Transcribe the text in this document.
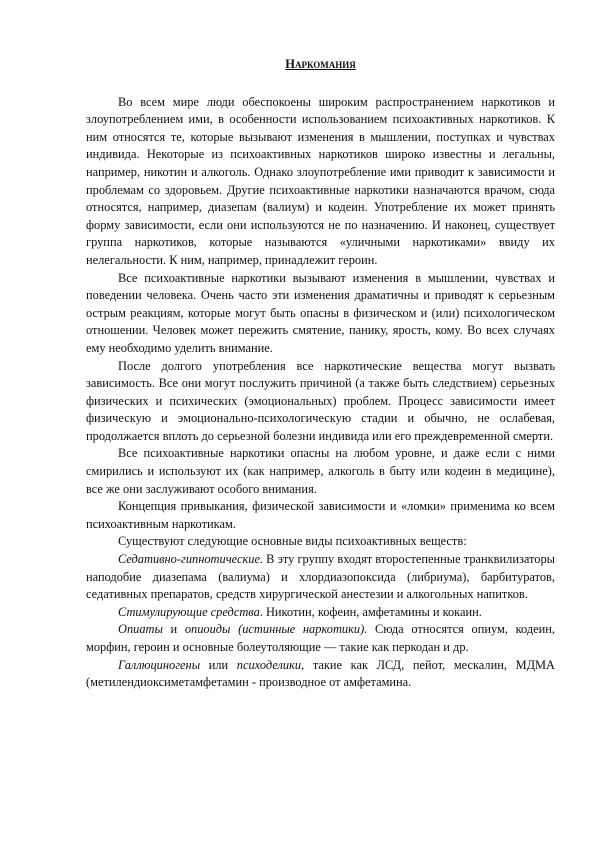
Наркомания

Во всем мире люди обеспокоены широким распространением наркотиков и злоупотреблением ими, в особенности использованием психоактивных наркотиков. К ним относятся те, которые вызывают изменения в мышлении, поступках и чувствах индивида. Некоторые из психоактивных наркотиков широко известны и легальны, например, никотин и алкоголь. Однако злоупотребление ими приводит к зависимости и проблемам со здоровьем. Другие психоактивные наркотики назначаются врачом, сюда относятся, например, диазепам (валиум) и кодеин. Употребление их может принять форму зависимости, если они используются не по назначению. И наконец, существует группа наркотиков, которые называются «уличными наркотиками» ввиду их нелегальности. К ним, например, принадлежит героин.

Все психоактивные наркотики вызывают изменения в мышлении, чувствах и поведении человека. Очень часто эти изменения драматичны и приводят к серьезным острым реакциям, которые могут быть опасны в физическом и (или) психологическом отношении. Человек может пережить смятение, панику, ярость, кому. Во всех случаях ему необходимо уделить внимание.

После долгого употребления все наркотические вещества могут вызвать зависимость. Все они могут послужить причиной (а также быть следствием) серьезных физических и психических (эмоциональных) проблем. Процесс зависимости имеет физическую и эмоционально-психологическую стадии и обычно, не ослабевая, продолжается вплоть до серьезной болезни индивида или его преждевременной смерти.

Все психоактивные наркотики опасны на любом уровне, и даже если с ними смирились и используют их (как например, алкоголь в быту или кодеин в медицине), все же они заслуживают особого внимания.

Концепция привыкания, физической зависимости и «ломки» применима ко всем психоактивным наркотикам.

Существуют следующие основные виды психоактивных веществ:

Седативно-гипнотические. В эту группу входят второстепенные транквилизаторы наподобие диазепама (валиума) и хлордиазопоксида (либриума), барбитуратов, седативных препаратов, средств хирургической анестезии и алкогольных напитков.

Стимулирующие средства. Никотин, кофеин, амфетамины и кокаин.

Опиаты и опиоиды (истинные наркотики). Сюда относятся опиум, кодеин, морфин, героин и основные болеутоляющие — такие как перкодан и др.

Галлюциногены или психоделики, такие как ЛСД, пейот, мескалин, МДМА (метилендиоксиметамфетамин - производное от амфетамина.
